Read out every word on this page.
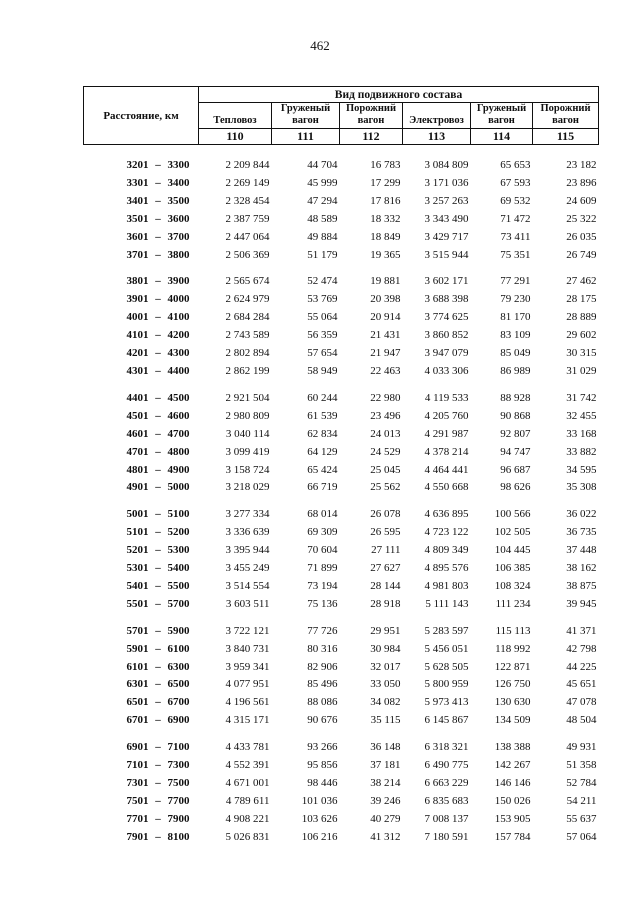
462
Расстояние, км	Вид подвижного состава					
	Тепловоз	Груженый вагон	Порожний вагон	Электровоз	Груженый вагон	Порожний вагон
	110	111	112	113	114	115

3201 – 3300	2 209 844	44 704	16 783	3 084 809	65 653	23 182
3301 – 3400	2 269 149	45 999	17 299	3 171 036	67 593	23 896
3401 – 3500	2 328 454	47 294	17 816	3 257 263	69 532	24 609
3501 – 3600	2 387 759	48 589	18 332	3 343 490	71 472	25 322
3601 – 3700	2 447 064	49 884	18 849	3 429 717	73 411	26 035
3701 – 3800	2 506 369	51 179	19 365	3 515 944	75 351	26 749

3801 – 3900	2 565 674	52 474	19 881	3 602 171	77 291	27 462
3901 – 4000	2 624 979	53 769	20 398	3 688 398	79 230	28 175
4001 – 4100	2 684 284	55 064	20 914	3 774 625	81 170	28 889
4101 – 4200	2 743 589	56 359	21 431	3 860 852	83 109	29 602
4201 – 4300	2 802 894	57 654	21 947	3 947 079	85 049	30 315
4301 – 4400	2 862 199	58 949	22 463	4 033 306	86 989	31 029

4401 – 4500	2 921 504	60 244	22 980	4 119 533	88 928	31 742
4501 – 4600	2 980 809	61 539	23 496	4 205 760	90 868	32 455
4601 – 4700	3 040 114	62 834	24 013	4 291 987	92 807	33 168
4701 – 4800	3 099 419	64 129	24 529	4 378 214	94 747	33 882
4801 – 4900	3 158 724	65 424	25 045	4 464 441	96 687	34 595
4901 – 5000	3 218 029	66 719	25 562	4 550 668	98 626	35 308

5001 – 5100	3 277 334	68 014	26 078	4 636 895	100 566	36 022
5101 – 5200	3 336 639	69 309	26 595	4 723 122	102 505	36 735
5201 – 5300	3 395 944	70 604	27 111	4 809 349	104 445	37 448
5301 – 5400	3 455 249	71 899	27 627	4 895 576	106 385	38 162
5401 – 5500	3 514 554	73 194	28 144	4 981 803	108 324	38 875
5501 – 5700	3 603 511	75 136	28 918	5 111 143	111 234	39 945

5701 – 5900	3 722 121	77 726	29 951	5 283 597	115 113	41 371
5901 – 6100	3 840 731	80 316	30 984	5 456 051	118 992	42 798
6101 – 6300	3 959 341	82 906	32 017	5 628 505	122 871	44 225
6301 – 6500	4 077 951	85 496	33 050	5 800 959	126 750	45 651
6501 – 6700	4 196 561	88 086	34 082	5 973 413	130 630	47 078
6701 – 6900	4 315 171	90 676	35 115	6 145 867	134 509	48 504

6901 – 7100	4 433 781	93 266	36 148	6 318 321	138 388	49 931
7101 – 7300	4 552 391	95 856	37 181	6 490 775	142 267	51 358
7301 – 7500	4 671 001	98 446	38 214	6 663 229	146 146	52 784
7501 – 7700	4 789 611	101 036	39 246	6 835 683	150 026	54 211
7701 – 7900	4 908 221	103 626	40 279	7 008 137	153 905	55 637
7901 – 8100	5 026 831	106 216	41 312	7 180 591	157 784	57 064
